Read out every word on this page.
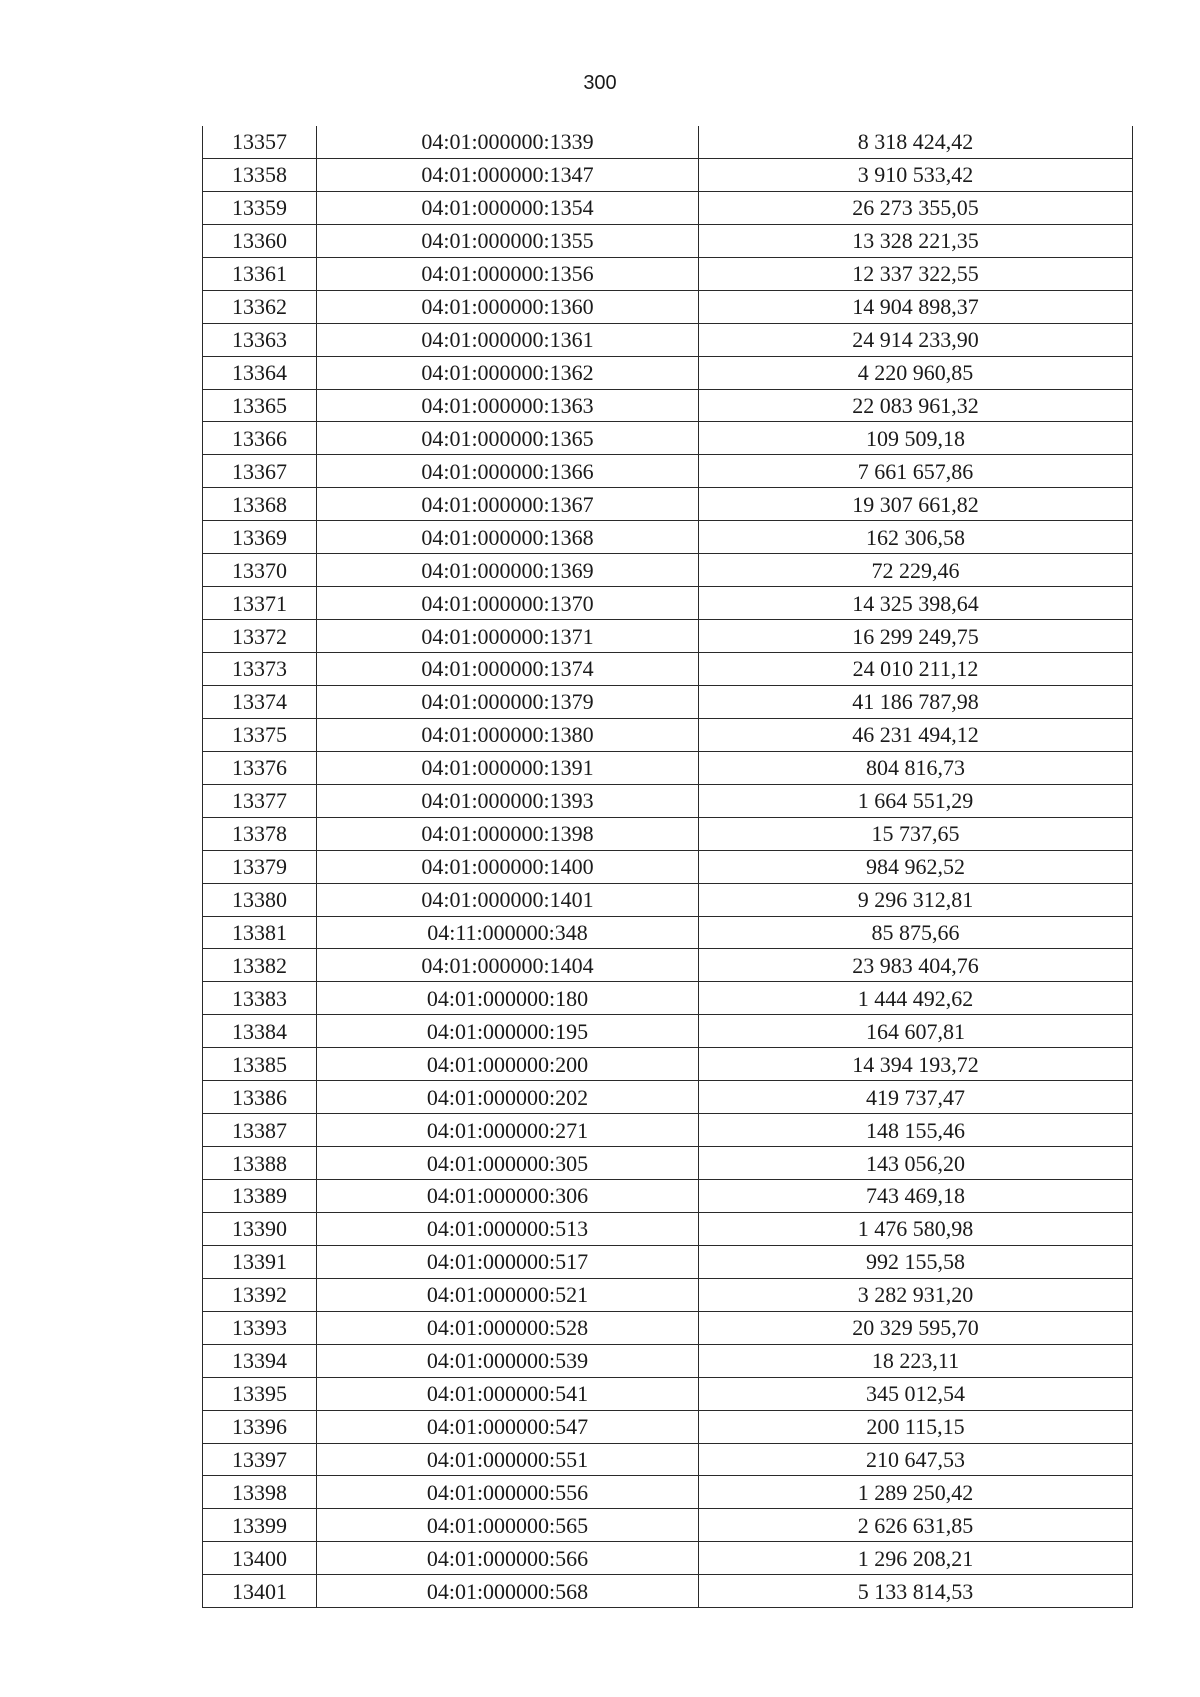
300
13357	04:01:000000:1339	8 318 424,42
13358	04:01:000000:1347	3 910 533,42
13359	04:01:000000:1354	26 273 355,05
13360	04:01:000000:1355	13 328 221,35
13361	04:01:000000:1356	12 337 322,55
13362	04:01:000000:1360	14 904 898,37
13363	04:01:000000:1361	24 914 233,90
13364	04:01:000000:1362	4 220 960,85
13365	04:01:000000:1363	22 083 961,32
13366	04:01:000000:1365	109 509,18
13367	04:01:000000:1366	7 661 657,86
13368	04:01:000000:1367	19 307 661,82
13369	04:01:000000:1368	162 306,58
13370	04:01:000000:1369	72 229,46
13371	04:01:000000:1370	14 325 398,64
13372	04:01:000000:1371	16 299 249,75
13373	04:01:000000:1374	24 010 211,12
13374	04:01:000000:1379	41 186 787,98
13375	04:01:000000:1380	46 231 494,12
13376	04:01:000000:1391	804 816,73
13377	04:01:000000:1393	1 664 551,29
13378	04:01:000000:1398	15 737,65
13379	04:01:000000:1400	984 962,52
13380	04:01:000000:1401	9 296 312,81
13381	04:11:000000:348	85 875,66
13382	04:01:000000:1404	23 983 404,76
13383	04:01:000000:180	1 444 492,62
13384	04:01:000000:195	164 607,81
13385	04:01:000000:200	14 394 193,72
13386	04:01:000000:202	419 737,47
13387	04:01:000000:271	148 155,46
13388	04:01:000000:305	143 056,20
13389	04:01:000000:306	743 469,18
13390	04:01:000000:513	1 476 580,98
13391	04:01:000000:517	992 155,58
13392	04:01:000000:521	3 282 931,20
13393	04:01:000000:528	20 329 595,70
13394	04:01:000000:539	18 223,11
13395	04:01:000000:541	345 012,54
13396	04:01:000000:547	200 115,15
13397	04:01:000000:551	210 647,53
13398	04:01:000000:556	1 289 250,42
13399	04:01:000000:565	2 626 631,85
13400	04:01:000000:566	1 296 208,21
13401	04:01:000000:568	5 133 814,53
